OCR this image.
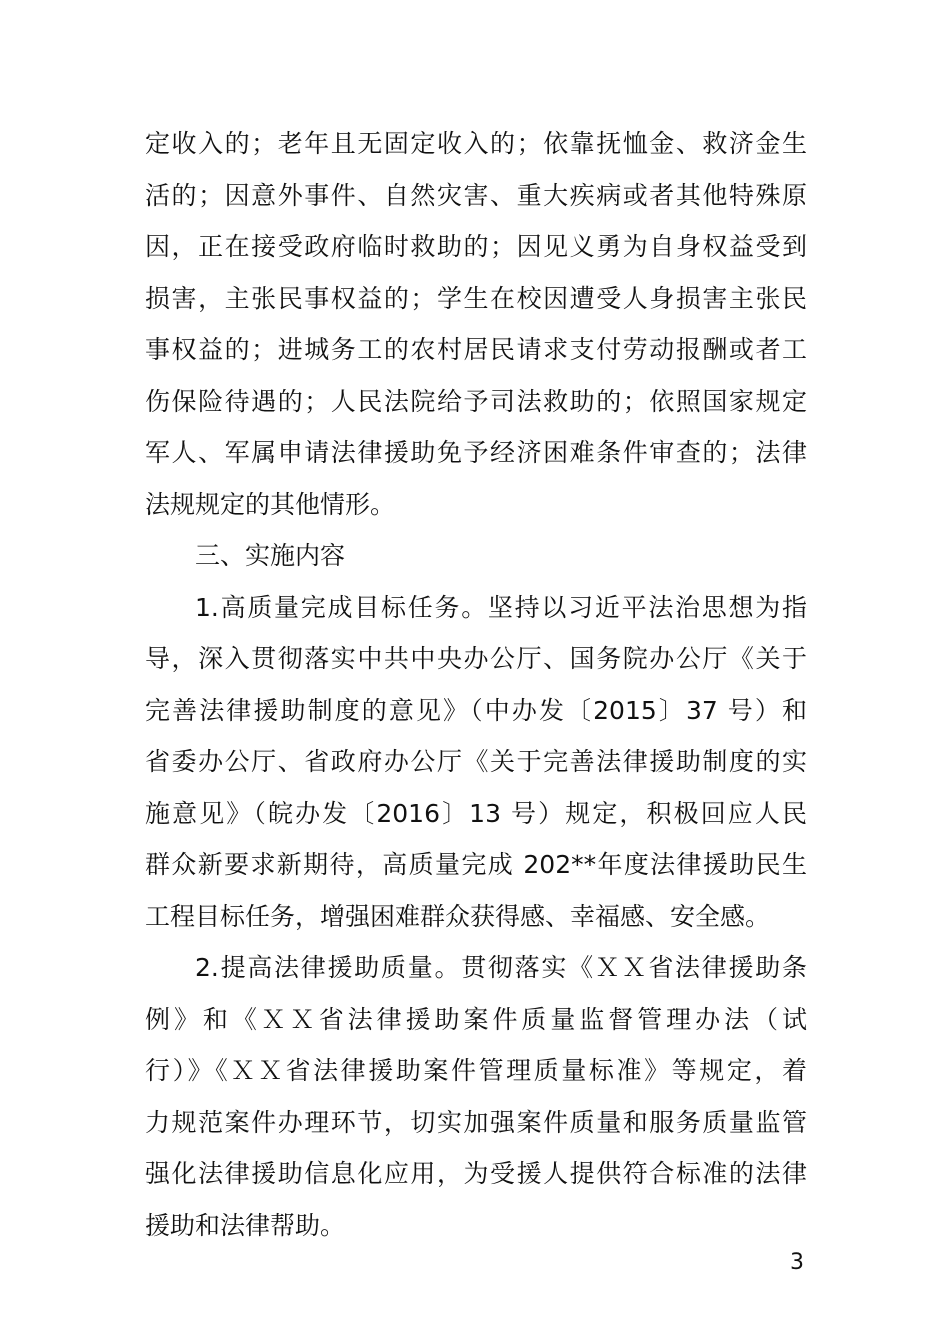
定收入的；老年且无固定收入的；依靠抚恤金、救济金生
活的；因意外事件、自然灾害、重大疾病或者其他特殊原
因，正在接受政府临时救助的；因见义勇为自身权益受到
损害，主张民事权益的；学生在校因遭受人身损害主张民
事权益的；进城务工的农村居民请求支付劳动报酬或者工
伤保险待遇的；人民法院给予司法救助的；依照国家规定
军人、军属申请法律援助免予经济困难条件审查的；法律
法规规定的其他情形。
三、实施内容
1.高质量完成目标任务。坚持以习近平法治思想为指
导，深入贯彻落实中共中央办公厅、国务院办公厅《关于
完善法律援助制度的意见》（中办发〔2015〕37 号）和
省委办公厅、省政府办公厅《关于完善法律援助制度的实
施意见》（皖办发〔2016〕13 号）规定，积极回应人民
群众新要求新期待，高质量完成 202**年度法律援助民生
工程目标任务，增强困难群众获得感、幸福感、安全感。
2.提高法律援助质量。贯彻落实《ＸＸ省法律援助条
例》和《ＸＸ省法律援助案件质量监督管理办法（试
行）》《ＸＸ省法律援助案件管理质量标准》等规定，着
力规范案件办理环节，切实加强案件质量和服务质量监管
强化法律援助信息化应用，为受援人提供符合标准的法律
援助和法律帮助。
3
